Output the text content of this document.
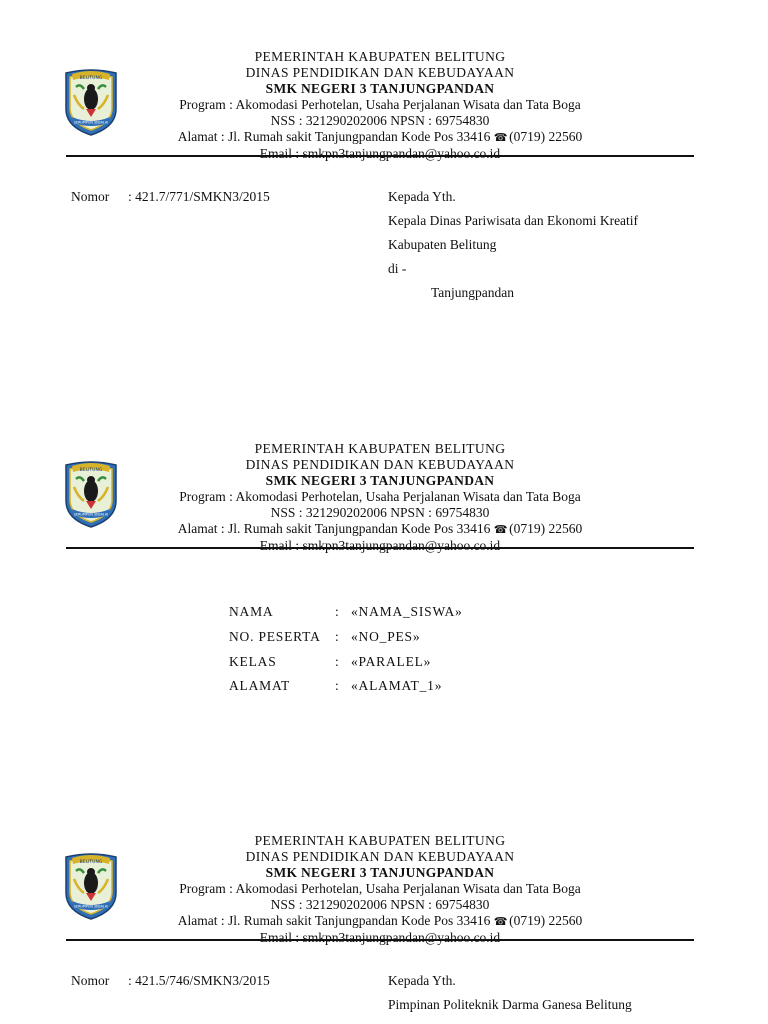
BELITUNG
SERUMPUN SEBALAI
PEMERINTAH KABUPATEN BELITUNG
DINAS PENDIDIKAN DAN KEBUDAYAAN
SMK NEGERI 3 TANJUNGPANDAN
Program : Akomodasi Perhotelan, Usaha Perjalanan Wisata dan Tata Boga
NSS : 321290202006 NPSN : 69754830
Alamat : Jl. Rumah sakit Tanjungpandan Kode Pos 33416 ☎ (0719) 22560
Email : smkpn3tanjungpandan@yahoo.co.id
Nomor : 421.7/771/SMKN3/2015	Kepada Yth.
Kepala Dinas Pariwisata dan Ekonomi Kreatif
Kabupaten Belitung
di -
Tanjungpandan
BELITUNG
SERUMPUN SEBALAI
PEMERINTAH KABUPATEN BELITUNG
DINAS PENDIDIKAN DAN KEBUDAYAAN
SMK NEGERI 3 TANJUNGPANDAN
Program : Akomodasi Perhotelan, Usaha Perjalanan Wisata dan Tata Boga
NSS : 321290202006 NPSN : 69754830
Alamat : Jl. Rumah sakit Tanjungpandan Kode Pos 33416 ☎ (0719) 22560
Email : smkpn3tanjungpandan@yahoo.co.id
NAMA	: «NAMA_SISWA»
NO. PESERTA : «NO_PES»
KELAS	: «PARALEL»
ALAMAT	: «ALAMAT_1»
BELITUNG
SERUMPUN SEBALAI
PEMERINTAH KABUPATEN BELITUNG
DINAS PENDIDIKAN DAN KEBUDAYAAN
SMK NEGERI 3 TANJUNGPANDAN
Program : Akomodasi Perhotelan, Usaha Perjalanan Wisata dan Tata Boga
NSS : 321290202006 NPSN : 69754830
Alamat : Jl. Rumah sakit Tanjungpandan Kode Pos 33416 ☎ (0719) 22560
Email : smkpn3tanjungpandan@yahoo.co.id
Nomor : 421.5/746/SMKN3/2015	Kepada Yth.
Pimpinan Politeknik Darma Ganesa Belitung
